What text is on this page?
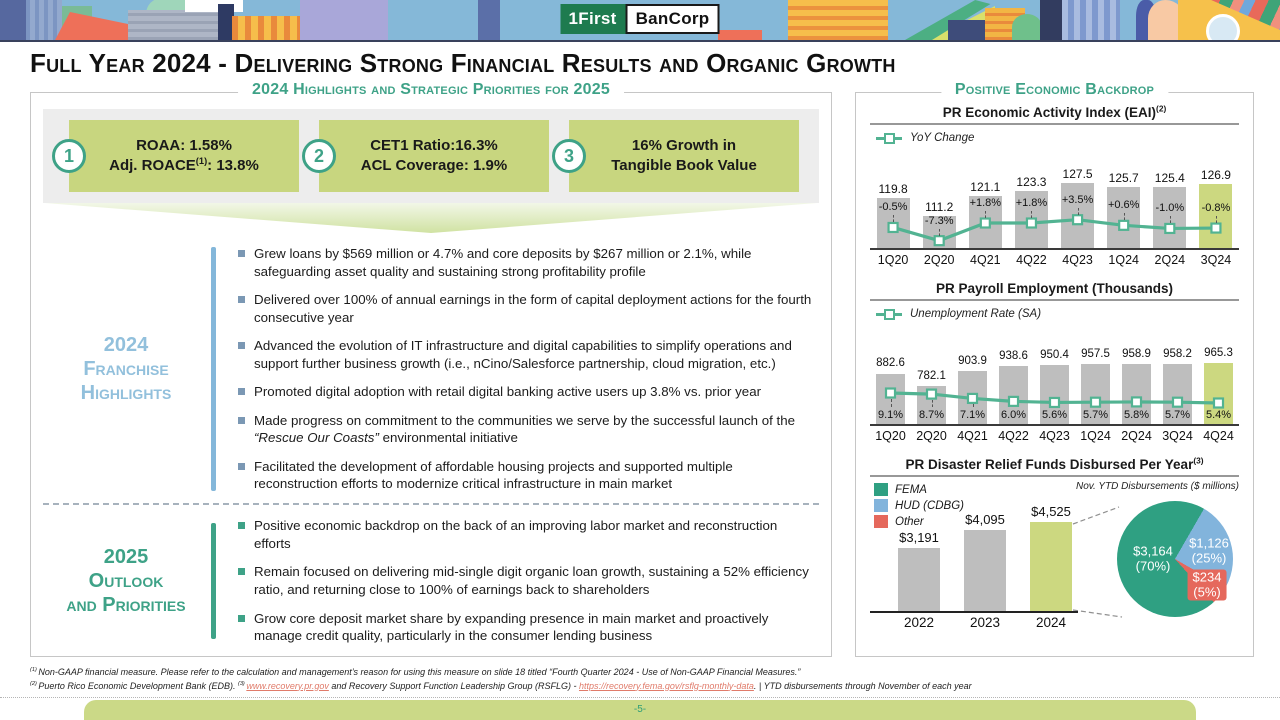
1First	BanCorp
Full Year 2024 - Delivering Strong Financial Results and Organic Growth
2024 Highlights and Strategic Priorities for 2025
1	ROAA: 1.58%
Adj. ROACE$^{(1)}$: 13.8%	2	CET1 Ratio:16.3%
ACL Coverage: 1.9%	3	16% Growth in
Tangible Book Value
2024
Franchise
Highlights
Grew loans by $569 million or 4.7% and core deposits by $267 million or 2.1%, while safeguarding asset quality and sustaining strong profitability profile
Delivered over 100% of annual earnings in the form of capital deployment actions for the fourth consecutive year
Advanced the evolution of IT infrastructure and digital capabilities to simplify operations and support further business growth (i.e., nCino/Salesforce partnership, cloud migration, etc.)
Promoted digital adoption with retail digital banking active users up 3.8% vs. prior year
Made progress on commitment to the communities we serve by the successful launch of the “Rescue Our Coasts” environmental initiative
Facilitated the development of affordable housing projects and supported multiple reconstruction efforts to modernize critical infrastructure in main market
2025
Outlook
and Priorities
Positive economic backdrop on the back of an improving labor market and reconstruction efforts
Remain focused on delivering mid-single digit organic loan growth, sustaining a 52% efficiency ratio, and returning close to 100% of earnings back to shareholders
Grow core deposit market share by expanding presence in main market and proactively manage credit quality, particularly in the consumer lending business
Positive Economic Backdrop
PR Economic Activity Index (EAI)$^{(2)}$
YoY Change
119.8
111.2
121.1 123.3
127.5 125.7 125.4 126.9
-0.5%
-7.3%
+1.8% +1.8% +3.5% +0.6% -1.0% -0.8%
1Q20	2Q20	4Q21	4Q22	4Q23	1Q24	2Q24	3Q24
PR Payroll Employment (Thousands)
Unemployment Rate (SA)
882.6
782.1
903.9 938.6 950.4 957.5 958.9 958.2 965.3
9.1% 8.7% 7.1% 6.0% 5.6% 5.7% 5.8% 5.7% 5.4%
1Q20 2Q20 4Q21 4Q22 4Q23 1Q24 2Q24 3Q24 4Q24
PR Disaster Relief Funds Disbursed Per Year$^{(3)}$
FEMA
HUD (CDBG)
Other
Nov. YTD Disbursements ($ millions)
$3,191
2022
$4,095
2023
$4,525
2024
$3,164
(70%)
$1,126
(25%)
$234
(5%)
$^{(1)}$ Non-GAAP financial measure. Please refer to the calculation and management’s reason for using this measure on slide 18 titled “Fourth Quarter 2024 - Use of Non-GAAP Financial Measures.”
$^{(2)}$ Puerto Rico Economic Development Bank (EDB). $^{(3)}$ www.recovery.pr.gov and Recovery Support Function Leadership Group (RSFLG) - https://recovery.fema.gov/rsflg-monthly-data. | YTD disbursements through November of each year
-5-
